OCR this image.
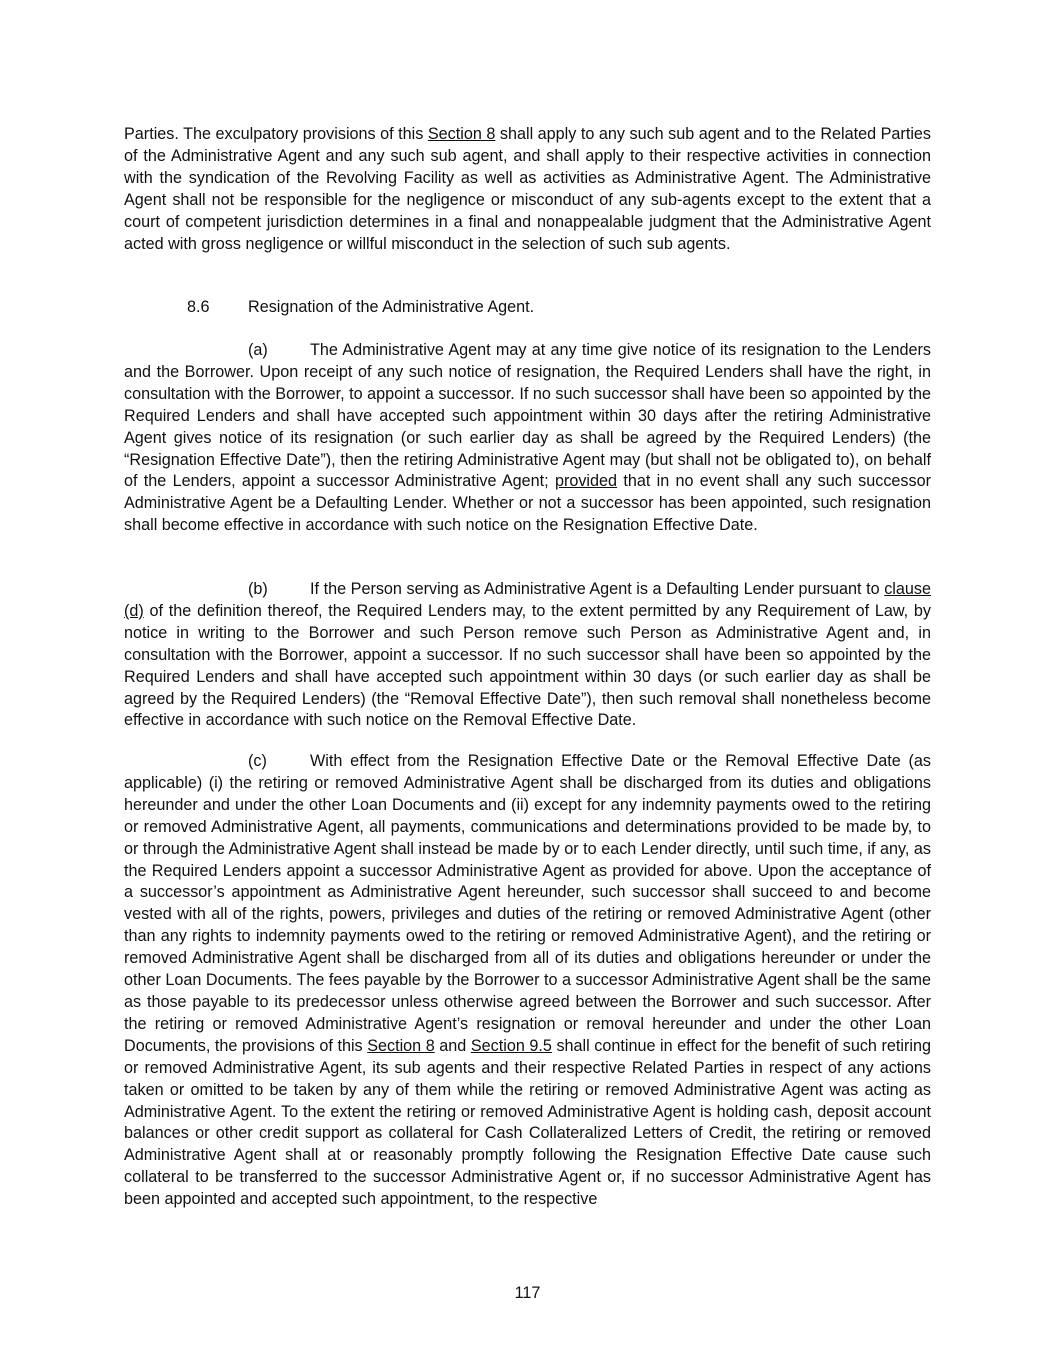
Parties. The exculpatory provisions of this Section 8 shall apply to any such sub agent and to the Related Parties of the Administrative Agent and any such sub agent, and shall apply to their respective activities in connection with the syndication of the Revolving Facility as well as activities as Administrative Agent. The Administrative Agent shall not be responsible for the negligence or misconduct of any sub-agents except to the extent that a court of competent jurisdiction determines in a final and nonappealable judgment that the Administrative Agent acted with gross negligence or willful misconduct in the selection of such sub agents.

8.6 Resignation of the Administrative Agent.

(a)	The Administrative Agent may at any time give notice of its resignation to the Lenders and the Borrower. Upon receipt of any such notice of resignation, the Required Lenders shall have the right, in consultation with the Borrower, to appoint a successor. If no such successor shall have been so appointed by the Required Lenders and shall have accepted such appointment within 30 days after the retiring Administrative Agent gives notice of its resignation (or such earlier day as shall be agreed by the Required Lenders) (the “Resignation Effective Date”), then the retiring Administrative Agent may (but shall not be obligated to), on behalf of the Lenders, appoint a successor Administrative Agent; provided that in no event shall any such successor Administrative Agent be a Defaulting Lender. Whether or not a successor has been appointed, such resignation shall become effective in accordance with such notice on the Resignation Effective Date.

(b)	If the Person serving as Administrative Agent is a Defaulting Lender pursuant to clause (d) of the definition thereof, the Required Lenders may, to the extent permitted by any Requirement of Law, by notice in writing to the Borrower and such Person remove such Person as Administrative Agent and, in consultation with the Borrower, appoint a successor. If no such successor shall have been so appointed by the Required Lenders and shall have accepted such appointment within 30 days (or such earlier day as shall be agreed by the Required Lenders) (the “Removal Effective Date”), then such removal shall nonetheless become effective in accordance with such notice on the Removal Effective Date.

(c)	With effect from the Resignation Effective Date or the Removal Effective Date (as applicable) (i) the retiring or removed Administrative Agent shall be discharged from its duties and obligations hereunder and under the other Loan Documents and (ii) except for any indemnity payments owed to the retiring or removed Administrative Agent, all payments, communications and determinations provided to be made by, to or through the Administrative Agent shall instead be made by or to each Lender directly, until such time, if any, as the Required Lenders appoint a successor Administrative Agent as provided for above. Upon the acceptance of a successor’s appointment as Administrative Agent hereunder, such successor shall succeed to and become vested with all of the rights, powers, privileges and duties of the retiring or removed Administrative Agent (other than any rights to indemnity payments owed to the retiring or removed Administrative Agent), and the retiring or removed Administrative Agent shall be discharged from all of its duties and obligations hereunder or under the other Loan Documents. The fees payable by the Borrower to a successor Administrative Agent shall be the same as those payable to its predecessor unless otherwise agreed between the Borrower and such successor. After the retiring or removed Administrative Agent’s resignation or removal hereunder and under the other Loan Documents, the provisions of this Section 8 and Section 9.5 shall continue in effect for the benefit of such retiring or removed Administrative Agent, its sub agents and their respective Related Parties in respect of any actions taken or omitted to be taken by any of them while the retiring or removed Administrative Agent was acting as Administrative Agent. To the extent the retiring or removed Administrative Agent is holding cash, deposit account balances or other credit support as collateral for Cash Collateralized Letters of Credit, the retiring or removed Administrative Agent shall at or reasonably promptly following the Resignation Effective Date cause such collateral to be transferred to the successor Administrative Agent or, if no successor Administrative Agent has been appointed and accepted such appointment, to the respective

117
